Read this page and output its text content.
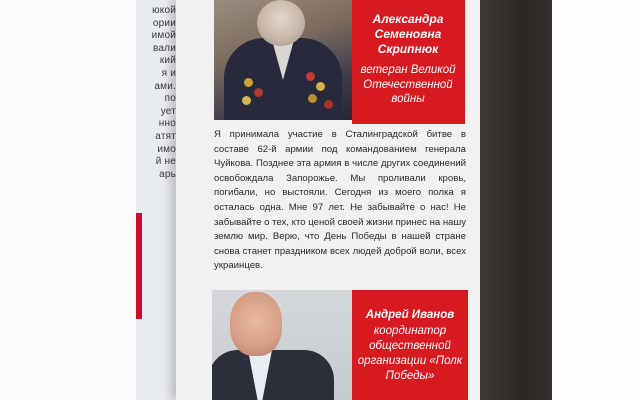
юкой
ории
имой
вали
кий
я и
ами.
по
ует
нно
атят
имо
й не
арь
Александра Семеновна Скрипнюк
ветеран Великой Отечественной войны
Я принимала участие в Сталинградской битве в составе 62-й армии под командованием генерала Чуйкова. Позднее эта армия в числе других соединений освобождала Запорожье. Мы проливали кровь, погибали, но выстояли. Сегодня из моего полка я осталась одна. Мне 97 лет. Не забывайте о нас! Не забывайте о тех, кто ценой своей жизни принес на нашу землю мир. Верю, что День Победы в нашей стране снова станет праздником всех людей доброй воли, всех украинцев.
Андрей Иванов
координатор общественной организации «Полк Победы»
